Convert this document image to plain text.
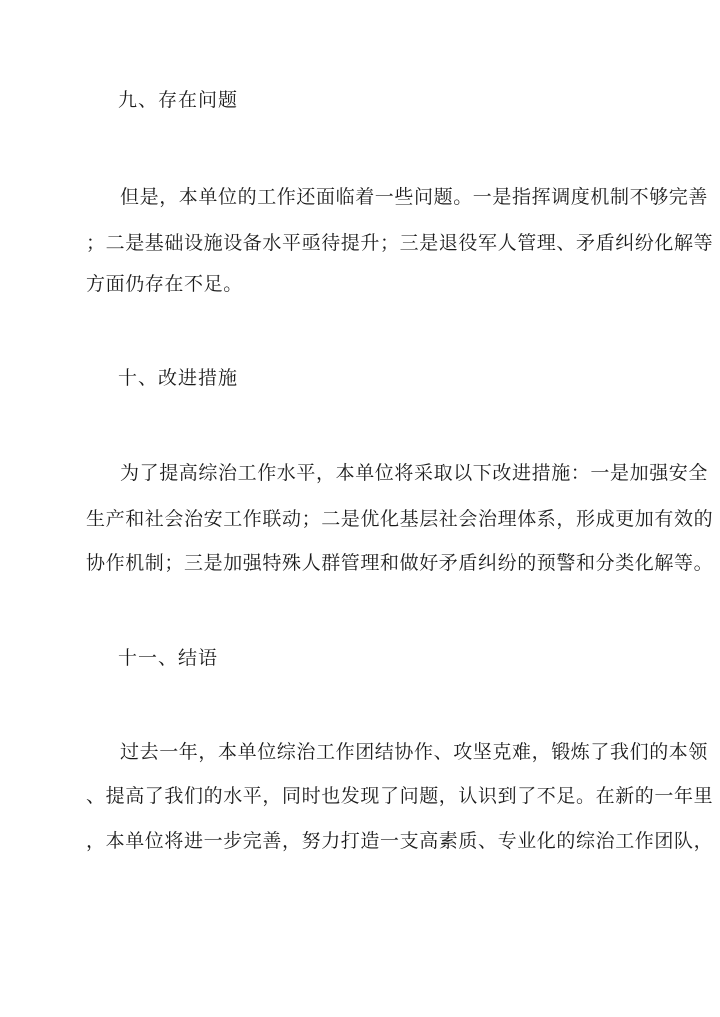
九、存在问题
但是，本单位的工作还面临着一些问题。一是指挥调度机制不够完善
；二是基础设施设备水平亟待提升；三是退役军人管理、矛盾纠纷化解等
方面仍存在不足。
十、改进措施
为了提高综治工作水平，本单位将采取以下改进措施：一是加强安全
生产和社会治安工作联动；二是优化基层社会治理体系，形成更加有效的
协作机制；三是加强特殊人群管理和做好矛盾纠纷的预警和分类化解等。
十一、结语
过去一年，本单位综治工作团结协作、攻坚克难，锻炼了我们的本领
、提高了我们的水平，同时也发现了问题，认识到了不足。在新的一年里
，本单位将进一步完善，努力打造一支高素质、专业化的综治工作团队，
